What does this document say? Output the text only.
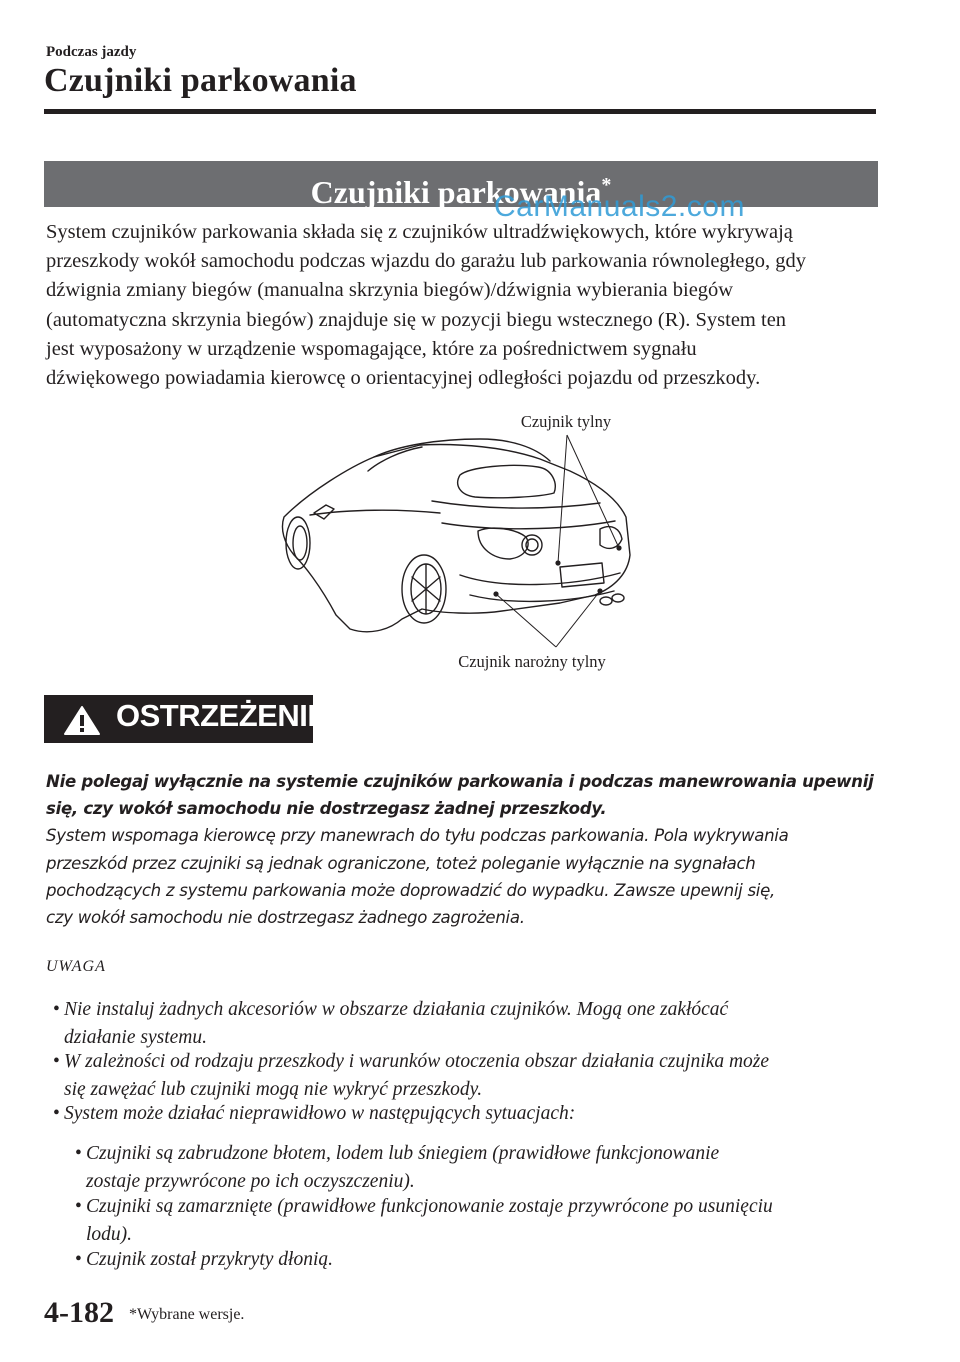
Podczas jazdy
Czujniki parkowania
Czujniki parkowania*
CarManuals2.com

System czujników parkowania składa się z czujników ultradźwiękowych, które wykrywają

przeszkody wokół samochodu podczas wjazdu do garażu lub parkowania równoległego, gdy

dźwignia zmiany biegów (manualna skrzynia biegów)/dźwignia wybierania biegów

(automatyczna skrzynia biegów) znajduje się w pozycji biegu wstecznego (R). System ten

jest wyposażony w urządzenie wspomagające, które za pośrednictwem sygnału

dźwiękowego powiadamia kierowcę o orientacyjnej odległości pojazdu od przeszkody.

Czujnik tylny
Czujnik narożny tylny
OSTRZEŻENIE

Nie polegaj wyłącznie na systemie czujników parkowania i podczas manewrowania upewnij

się, czy wokół samochodu nie dostrzegasz żadnej przeszkody.

System wspomaga kierowcę przy manewrach do tyłu podczas parkowania. Pola wykrywania

przeszkód przez czujniki są jednak ograniczone, toteż poleganie wyłącznie na sygnałach

pochodzących z systemu parkowania może doprowadzić do wypadku. Zawsze upewnij się,

czy wokół samochodu nie dostrzegasz żadnego zagrożenia.

UWAGA
• Nie instaluj żadnych akcesoriów w obszarze działania czujników. Mogą one zakłócać
działanie systemu.
• W zależności od rodzaju przeszkody i warunków otoczenia obszar działania czujnika może
się zawężać lub czujniki mogą nie wykryć przeszkody.
• System może działać nieprawidłowo w następujących sytuacjach:
• Czujniki są zabrudzone błotem, lodem lub śniegiem (prawidłowe funkcjonowanie
zostaje przywrócone po ich oczyszczeniu).
• Czujniki są zamarznięte (prawidłowe funkcjonowanie zostaje przywrócone po usunięciu
lodu).
• Czujnik został przykryty dłonią.
4-182 *Wybrane wersje.
